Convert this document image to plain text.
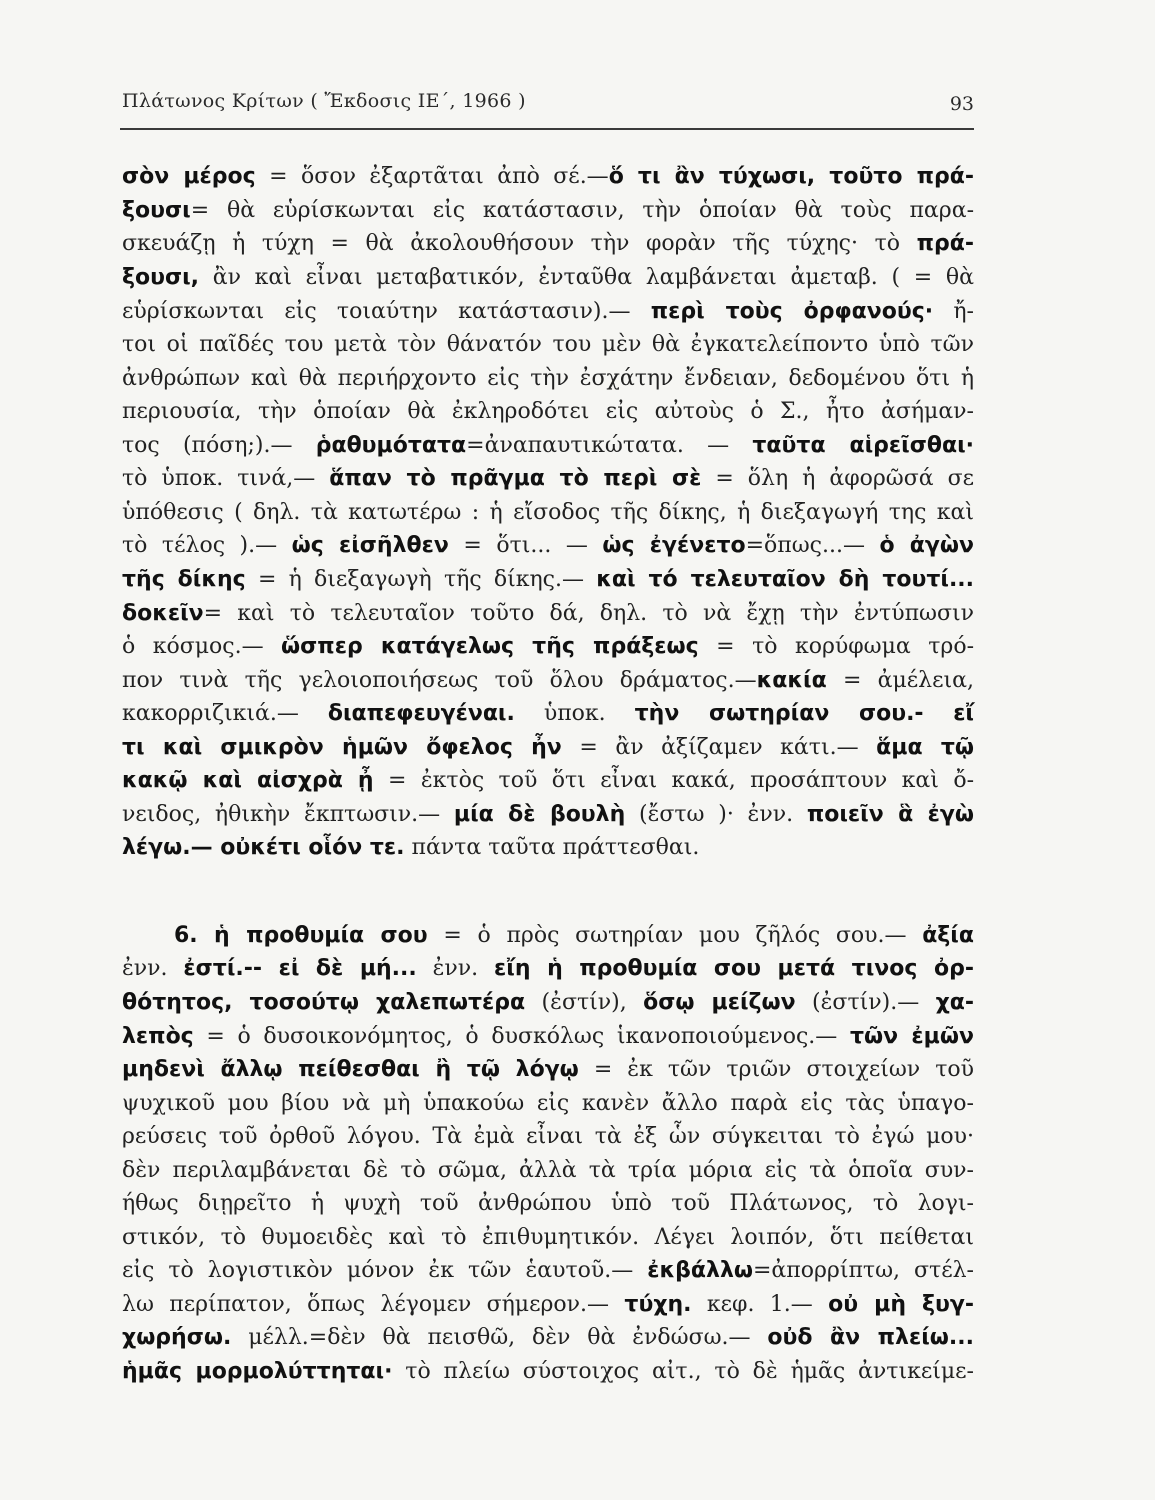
Πλάτωνος Κρίτων ( Ἔκδοσις ΙΕ΄, 1966 )	93
σὸν μέρος = ὅσον ἐξαρτᾶται ἀπὸ σέ.—ὅ τι ἂν τύχωσι, τοῦτο πρά-
ξουσι= θὰ εὑρίσκωνται εἰς κατάστασιν, τὴν ὁποίαν θὰ τοὺς παρα-
σκευάζῃ ἡ τύχη = θὰ ἀκολουθήσουν τὴν φορὰν τῆς τύχης· τὸ πρά-
ξουσι, ἂν καὶ εἶναι μεταβατικόν, ἐνταῦθα λαμβάνεται ἀμεταβ. ( = θὰ
εὑρίσκωνται εἰς τοιαύτην κατάστασιν).— περὶ τοὺς ὀρφανούς· ἤ-
τοι οἱ παῖδές του μετὰ τὸν θάνατόν του μὲν θὰ ἐγκατελείποντο ὑπὸ τῶν
ἀνθρώπων καὶ θὰ περιήρχοντο εἰς τὴν ἐσχάτην ἔνδειαν, δεδομένου ὅτι ἡ
περιουσία, τὴν ὁποίαν θὰ ἐκληροδότει εἰς αὐτοὺς ὁ Σ., ἦτο ἀσήμαν-
τος (πόση;).— ῥαθυμότατα=ἀναπαυτικώτατα. — ταῦτα αἱρεῖσθαι·
τὸ ὑποκ. τινά,— ἅπαν τὸ πρᾶγμα τὸ περὶ σὲ = ὅλη ἡ ἀφορῶσά σε
ὑπόθεσις ( δηλ. τὰ κατωτέρω : ἡ εἴσοδος τῆς δίκης, ἡ διεξαγωγή της καὶ
τὸ τέλος ).— ὡς εἰσῆλθεν = ὅτι... — ὡς ἐγένετο=ὅπως...— ὁ ἀγὼν
τῆς δίκης = ἡ διεξαγωγὴ τῆς δίκης.— καὶ τό τελευταῖον δὴ τουτί...
δοκεῖν= καὶ τὸ τελευταῖον τοῦτο δά, δηλ. τὸ νὰ ἔχῃ τὴν ἐντύπωσιν
ὁ κόσμος.— ὥσπερ κατάγελως τῆς πράξεως = τὸ κορύφωμα τρό-
πον τινὰ τῆς γελοιοποιήσεως τοῦ ὅλου δράματος.—κακία = ἀμέλεια,
κακορριζικιά.— διαπεφευγέναι. ὑποκ. τὴν σωτηρίαν σου.- εἴ
τι καὶ σμικρὸν ἡμῶν ὄφελος ἦν = ἂν ἀξίζαμεν κάτι.— ἅμα τῷ
κακῷ καὶ αἰσχρὰ ᾖ = ἐκτὸς τοῦ ὅτι εἶναι κακά, προσάπτουν καὶ ὄ-
νειδος, ἠθικὴν ἔκπτωσιν.— μία δὲ βουλὴ (ἔστω )· ἐνν. ποιεῖν ἃ ἐγὼ
λέγω.— οὐκέτι οἷόν τε. πάντα ταῦτα πράττεσθαι.
6. ἡ προθυμία σου = ὁ πρὸς σωτηρίαν μου ζῆλός σου.— ἀξία
ἐνν. ἐστί.-- εἰ δὲ μή... ἐνν. εἴη ἡ προθυμία σου μετά τινος ὀρ-
θότητος, τοσούτῳ χαλεπωτέρα (ἐστίν), ὅσῳ μείζων (ἐστίν).— χα-
λεπὸς = ὁ δυσοικονόμητος, ὁ δυσκόλως ἱκανοποιούμενος.— τῶν ἐμῶν
μηδενὶ ἄλλῳ πείθεσθαι ἢ τῷ λόγῳ = ἐκ τῶν τριῶν στοιχείων τοῦ
ψυχικοῦ μου βίου νὰ μὴ ὑπακούω εἰς κανὲν ἄλλο παρὰ εἰς τὰς ὑπαγο-
ρεύσεις τοῦ ὀρθοῦ λόγου. Τὰ ἐμὰ εἶναι τὰ ἐξ ὧν σύγκειται τὸ ἐγώ μου·
δὲν περιλαμβάνεται δὲ τὸ σῶμα, ἀλλὰ τὰ τρία μόρια εἰς τὰ ὁποῖα συν-
ήθως διῃρεῖτο ἡ ψυχὴ τοῦ ἀνθρώπου ὑπὸ τοῦ Πλάτωνος, τὸ λογι-
στικόν, τὸ θυμοειδὲς καὶ τὸ ἐπιθυμητικόν. Λέγει λοιπόν, ὅτι πείθεται
εἰς τὸ λογιστικὸν μόνον ἐκ τῶν ἑαυτοῦ.— ἐκβάλλω=ἀπορρίπτω, στέλ-
λω περίπατον, ὅπως λέγομεν σήμερον.— τύχη. κεφ. 1.— οὐ μὴ ξυγ-
χωρήσω. μέλλ.=δὲν θὰ πεισθῶ, δὲν θὰ ἐνδώσω.— οὐδ ἂν πλείω...
ἡμᾶς μορμολύττηται· τὸ πλείω σύστοιχος αἰτ., τὸ δὲ ἡμᾶς ἀντικείμε-
